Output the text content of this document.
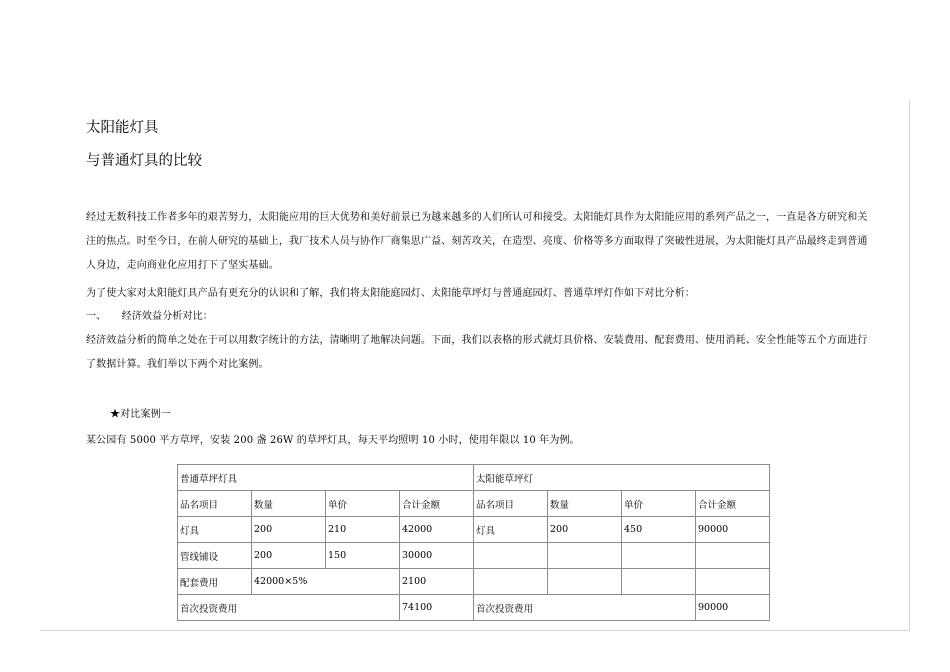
太阳能灯具
与普通灯具的比较
经过无数科技工作者多年的艰苦努力，太阳能应用的巨大优势和美好前景已为越来越多的人们所认可和接受。太阳能灯具作为太阳能应用的系列产品之一，一直是各方研究和关注的焦点。时至今日，在前人研究的基础上，我厂技术人员与协作厂商集思广益、刻苦攻关，在造型、亮度、价格等多方面取得了突破性进展，为太阳能灯具产品最终走到普通人身边，走向商业化应用打下了坚实基础。
为了使大家对太阳能灯具产品有更充分的认识和了解，我们将太阳能庭园灯、太阳能草坪灯与普通庭园灯、普通草坪灯作如下对比分析：
一、　　经济效益分析对比：
经济效益分析的简单之处在于可以用数字统计的方法，清晰明了地解决问题。下面，我们以表格的形式就灯具价格、安装费用、配套费用、使用消耗、安全性能等五个方面进行了数据计算。我们举以下两个对比案例。
★对比案例一
某公园有 5000 平方草坪，安装 200 盏 26W 的草坪灯具，每天平均照明 10 小时，使用年限以 10 年为例。
普通草坪灯具				太阳能草坪灯			
品名项目	数量	单价	合计金额	品名项目	数量	单价	合计金额
灯具	200	210	42000	灯具	200	450	90000
管线铺设	200	150	30000				
配套费用	42000×5%		2100				
首次投资费用			74100	首次投资费用			90000
